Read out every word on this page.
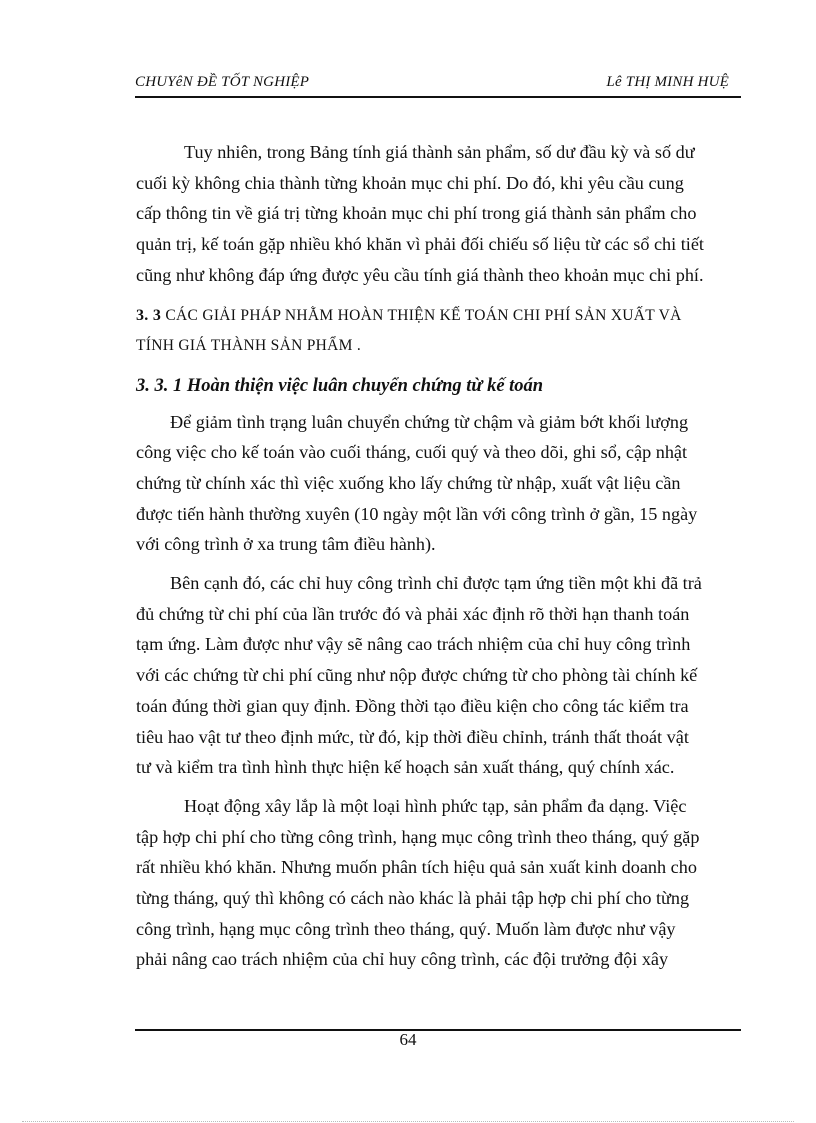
CHUYêN ĐỀ TỐT NGHIỆP	Lê THỊ MINH HUỆ
Tuy nhiên, trong Bảng tính giá thành sản phẩm, số dư đầu kỳ và số dư
cuối kỳ không chia thành từng khoản mục chi phí. Do đó, khi yêu cầu cung
cấp thông tin về giá trị từng khoản mục chi phí trong giá thành sản phẩm cho
quản trị, kế toán gặp nhiều khó khăn vì phải đối chiếu số liệu từ các sổ chi tiết
cũng như không đáp ứng được yêu cầu tính giá thành theo khoản mục chi phí.
3. 3 CÁC GIẢI PHÁP NHẰM HOÀN THIỆN KẾ TOÁN CHI PHÍ SẢN XUẤT VÀ
TÍNH GIÁ THÀNH SẢN PHẨM .
3. 3. 1 Hoàn thiện việc luân chuyển chứng từ kế toán
Để giảm tình trạng luân chuyển chứng từ chậm và giảm bớt khối lượng
công việc cho kế toán vào cuối tháng, cuối quý và theo dõi, ghi sổ, cập nhật
chứng từ chính xác thì việc xuống kho lấy chứng từ nhập, xuất vật liệu cần
được tiến hành thường xuyên (10 ngày một lần với công trình ở gần, 15 ngày
với công trình ở xa trung tâm điều hành).
Bên cạnh đó, các chỉ huy công trình chỉ được tạm ứng tiền một khi đã trả
đủ chứng từ chi phí của lần trước đó và phải xác định rõ thời hạn thanh toán
tạm ứng. Làm được như vậy sẽ nâng cao trách nhiệm của chỉ huy công trình
với các chứng từ chi phí cũng như nộp được chứng từ cho phòng tài chính kế
toán đúng thời gian quy định. Đồng thời tạo điều kiện cho công tác kiểm tra
tiêu hao vật tư theo định mức, từ đó, kịp thời điều chỉnh, tránh thất thoát vật
tư và kiểm tra tình hình thực hiện kế hoạch sản xuất tháng, quý chính xác.
Hoạt động xây lắp là một loại hình phức tạp, sản phẩm đa dạng. Việc
tập hợp chi phí cho từng công trình, hạng mục công trình theo tháng, quý gặp
rất nhiều khó khăn. Nhưng muốn phân tích hiệu quả sản xuất kinh doanh cho
từng tháng, quý thì không có cách nào khác là phải tập hợp chi phí cho từng
công trình, hạng mục công trình theo tháng, quý. Muốn làm được như vậy
phải nâng cao trách nhiệm của chỉ huy công trình, các đội trưởng đội xây
64
